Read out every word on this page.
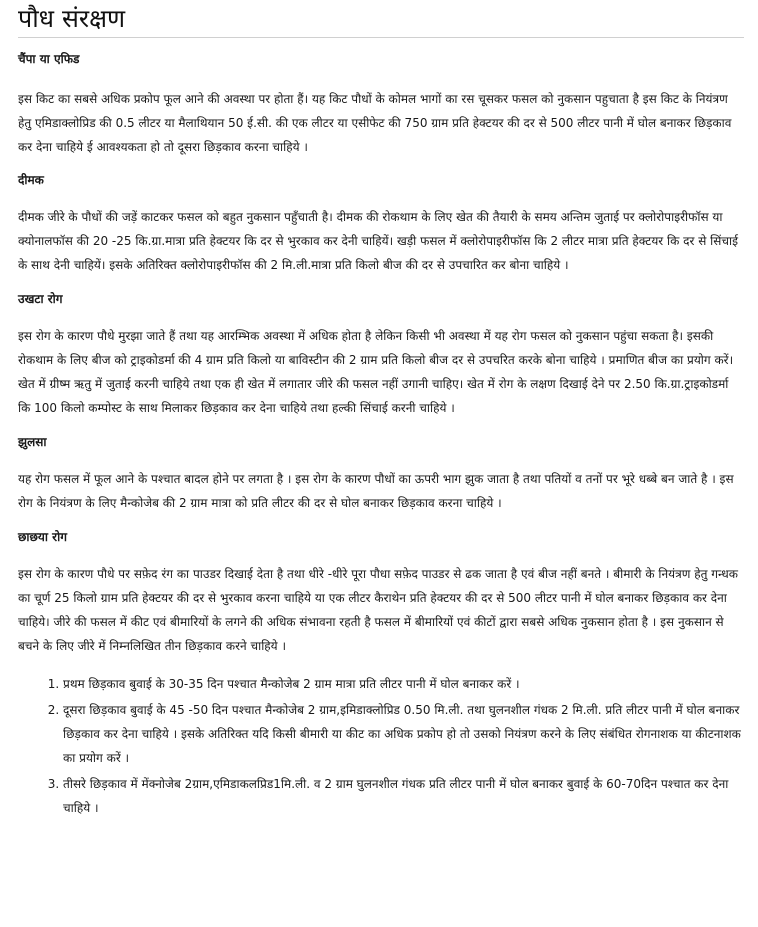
पौध संरक्षण
चैंपा या एफिड

इस किट का सबसे अधिक प्रकोप फूल आने की अवस्था पर होता हैं। यह किट पौधों के कोमल भागों का रस चूसकर फसल को नुकसान पहुचाता है इस किट के नियंत्रण हेतु एमिडाक्लोप्रिड की 0.5 लीटर या मैलाथियान 50 ई.सी. की एक लीटर या एसीफेट की 750 ग्राम प्रति हेक्टयर की दर से 500 लीटर पानी में घोल बनाकर छिड़काव कर देना चाहिये ई आवश्यकता हो तो दूसरा छिड़काव करना चाहिये ।

दीमक

दीमक जीरे के पौधों की जड़ें काटकर फसल को बहुत नुकसान पहुँचाती है। दीमक की रोकथाम के लिए खेत की तैयारी के समय अन्तिम जुताई पर क्लोरोपाइरीफॉस या क्योनालफॉस की 20 -25 कि.ग्रा.मात्रा प्रति हेक्टयर कि दर से भुरकाव कर देनी चाहियें। खड़ी फसल में क्लोरोपाइरीफॉस कि 2 लीटर मात्रा प्रति हेक्टयर कि दर से सिंचाई के साथ देनी चाहियें। इसके अतिरिक्त क्लोरोपाइरीफॉस की 2 मि.ली.मात्रा प्रति किलो बीज की दर से उपचारित कर बोना चाहिये ।

उखटा रोग

इस रोग के कारण पौधे मुरझा जाते हैं तथा यह आरम्भिक अवस्था में अधिक होता है लेकिन किसी भी अवस्था में यह रोग फसल को नुकसान पहुंचा सकता है। इसकी रोकथाम के लिए बीज को ट्राइकोडर्मा की 4 ग्राम प्रति किलो या बाविस्टीन की 2 ग्राम प्रति किलो बीज दर से उपचरित करके बोना चाहिये । प्रमाणित बीज का प्रयोग करें। खेत में ग्रीष्म ऋतु में जुताई करनी चाहिये तथा एक ही खेत में लगातार जीरे की फसल नहीं उगानी चाहिए। खेत में रोग के लक्षण दिखाई देने पर 2.50 कि.ग्रा.ट्राइकोडर्मा कि 100 किलो कम्पोस्ट के साथ मिलाकर छिड़काव कर देना चाहिये तथा हल्की सिंचाई करनी चाहिये ।

झुलसा

यह रोग फसल में फूल आने के पश्चात बादल होने पर लगता है । इस रोग के कारण पौधों का ऊपरी भाग झुक जाता है तथा पतियों व तनों पर भूरे धब्बे बन जाते है । इस रोग के नियंत्रण के लिए मैन्कोजेब की 2 ग्राम मात्रा को प्रति लीटर की दर से घोल बनाकर छिड़काव करना चाहिये ।

छाछया रोग

इस रोग के कारण पौधे पर सफ़ेद रंग का पाउडर दिखाई देता है तथा धीरे -धीरे पूरा पौधा सफ़ेद पाउडर से ढक जाता है एवं बीज नहीं बनते । बीमारी के नियंत्रण हेतु गन्धक का चूर्ण 25 किलो ग्राम प्रति हेक्टयर की दर से भुरकाव करना चाहिये या एक लीटर कैराथेन प्रति हेक्टयर की दर से 500 लीटर पानी में घोल बनाकर छिड़काव कर देना चाहिये। जीरे की फसल में कीट एवं बीमारियों के लगने की अधिक संभावना रहती है फसल में बीमारियों एवं कीटों द्वारा सबसे अधिक नुकसान होता है । इस नुकसान से बचने के लिए जीरे में निम्नलिखित तीन छिड़काव करने चाहिये ।

1. प्रथम छिड़काव बुवाई के 30-35 दिन पश्चात मैन्कोजेब 2 ग्राम मात्रा प्रति लीटर पानी में घोल बनाकर करें ।
2. दूसरा छिड़काव बुवाई के 45 -50 दिन पश्चात मैन्कोजेब 2 ग्राम,इमिडाक्लोप्रिड 0.50 मि.ली. तथा घुलनशील गंधक 2 मि.ली. प्रति लीटर पानी में घोल बनाकर छिड़काव कर देना चाहिये । इसके अतिरिक्त यदि किसी बीमारी या कीट का अधिक प्रकोप हो तो उसको नियंत्रण करने के लिए संबंधित रोगनाशक या कीटनाशक का प्रयोग करें ।
3. तीसरे छिड़काव में मेंक्नोजेब 2ग्राम,एमिडाकलप्रिड1मि.ली. व 2 ग्राम घुलनशील गंधक प्रति लीटर पानी में घोल बनाकर बुवाई के 60-70दिन पश्चात कर देना चाहिये ।
